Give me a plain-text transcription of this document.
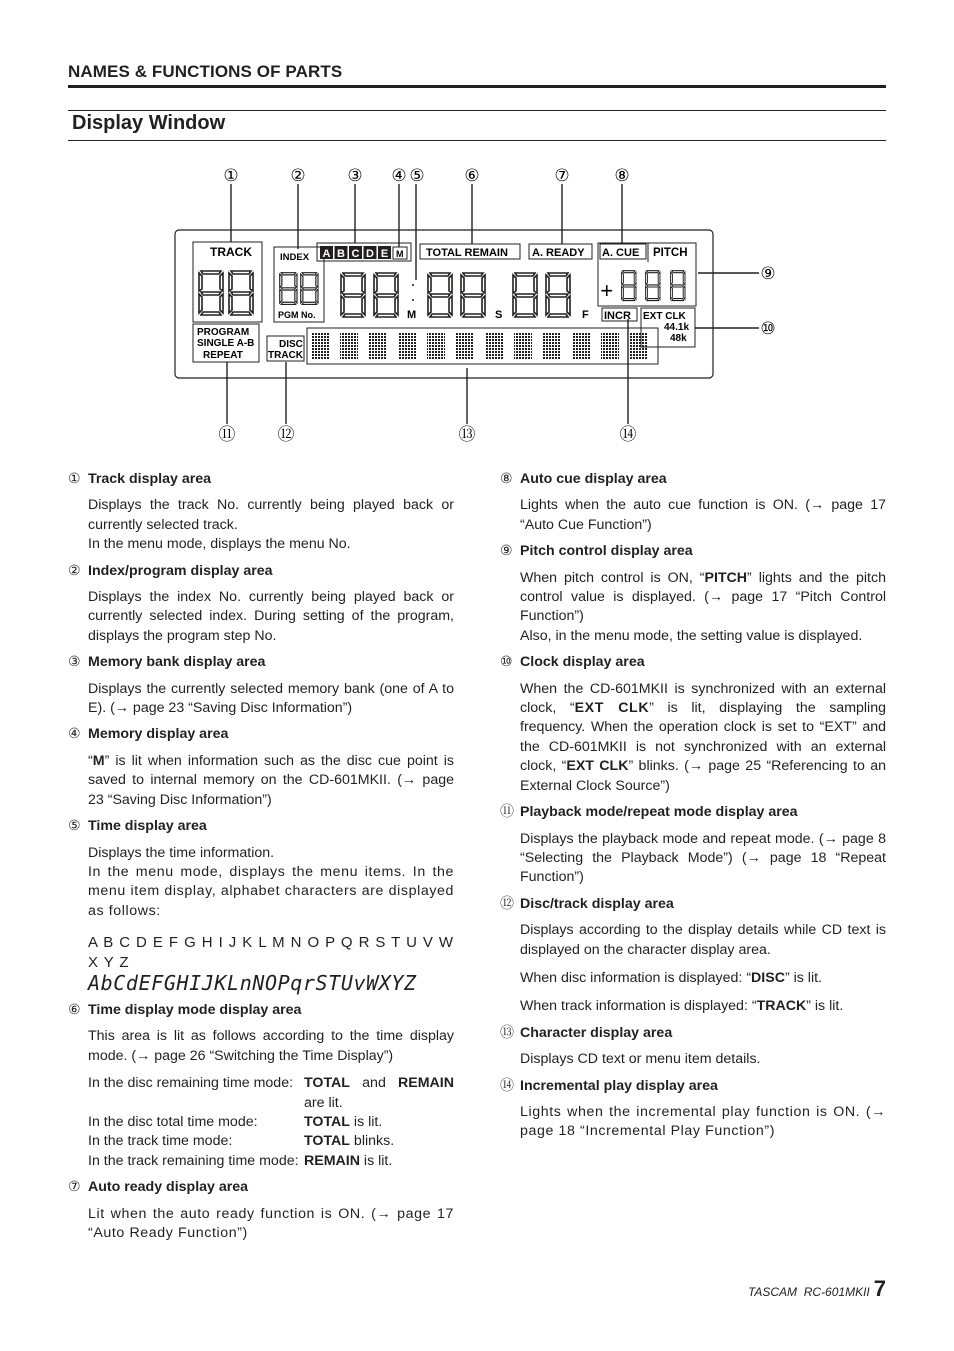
NAMES & FUNCTIONS OF PARTS
Display Window
TRACK	INDEX
PGM No.
A B C D E M TOTAL REMAIN A. READY A. CUE PITCH
+
M	S	F INCR EXT CLK
44.1k
48k
PROGRAM
SINGLE A-B
REPEAT
DISC
TRACK
①	② ③ ④ ⑤ ⑥	⑦	⑧
⑨
⑩
⑪ ⑫	⑬	⑭
① Track display area

Displays the track No. currently being played back or currently selected track.

In the menu mode, displays the menu No.

② Index/program display area

Displays the index No. currently being played back or currently selected index. During setting of the program, displays the program step No.

③ Memory bank display area

Displays the currently selected memory bank (one of A to E). (→ page 23 “Saving Disc Information”)

④ Memory display area

“M” is lit when information such as the disc cue point is saved to internal memory on the CD-601MKII. (→ page 23 “Saving Disc Information”)

⑤ Time display area

Displays the time information.

In the menu mode, displays the menu items. In the menu item display, alphabet characters are displayed as follows:

A B C D E F G H I J K L M N O P Q R S T U V W X Y Z
AbCdEFGHIJKLnNOPqrSTUvWXYZ
⑥ Time display mode display area

This area is lit as follows according to the time display mode. (→ page 26 “Switching the Time Display”)

In the disc remaining time mode: TOTAL and REMAIN are lit.
In the disc total time mode:	TOTAL is lit.
In the track time mode:	TOTAL blinks.
In the track remaining time mode: REMAIN is lit.
⑦ Auto ready display area

Lit when the auto ready function is ON. (→ page 17 “Auto Ready Function”)

⑧ Auto cue display area

Lights when the auto cue function is ON. (→ page 17 “Auto Cue Function”)

⑨ Pitch control display area

When pitch control is ON, “PITCH” lights and the pitch control value is displayed. (→ page 17 “Pitch Control Function”)

Also, in the menu mode, the setting value is displayed.

⑩ Clock display area

When the CD-601MKII is synchronized with an external clock, “EXT CLK” is lit, displaying the sampling frequency. When the operation clock is set to “EXT” and the CD-601MKII is not synchronized with an external clock, “EXT CLK” blinks. (→ page 25 “Referencing to an External Clock Source”)

⑪ Playback mode/repeat mode display area

Displays the playback mode and repeat mode. (→ page 8 “Selecting the Playback Mode”) (→ page 18 “Repeat Function”)

⑫ Disc/track display area

Displays according to the display details while CD text is displayed on the character display area.

When disc information is displayed: “DISC” is lit.

When track information is displayed: “TRACK” is lit.

⑬ Character display area

Displays CD text or menu item details.

⑭ Incremental play display area

Lights when the incremental play function is ON. (→ page 18 “Incremental Play Function”)

TASCAM  RC-601MKII 7
